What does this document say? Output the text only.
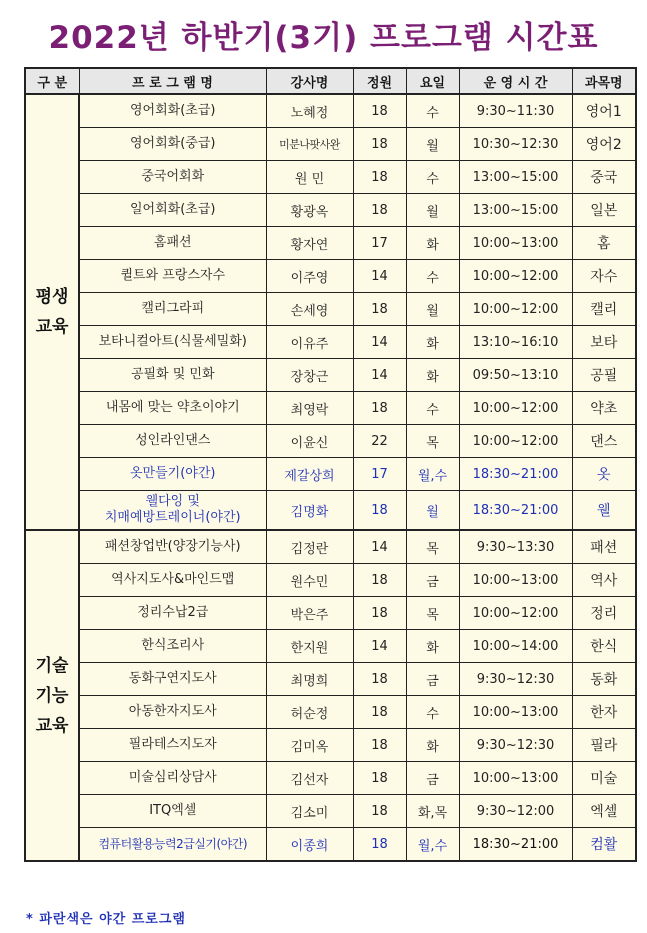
2022년 하반기(3기) 프로그램 시간표
구 분	프 로 그 램 명	강사명	정원	요일	운 영 시 간	과목명
평생
교육	영어회화(초급)	노혜정	18	수	9:30~11:30	영어1
	영어회화(중급)	미분나팟사완	18	월	10:30~12:30	영어2
	중국어회화	원 민	18	수	13:00~15:00	중국
	일어회화(초급)	황광옥	18	월	13:00~15:00	일본
	홈패션	황자연	17	화	10:00~13:00	홈
	퀼트와 프랑스자수	이주영	14	수	10:00~12:00	자수
	캘리그라피	손세영	18	월	10:00~12:00	캘리
	보타니컬아트(식물세밀화)	이유주	14	화	13:10~16:10	보타
	공필화 및 민화	장창근	14	화	09:50~13:10	공필
	내몸에 맞는 약초이야기	최영락	18	수	10:00~12:00	약초
	성인라인댄스	이윤신	22	목	10:00~12:00	댄스
	옷만들기(야간)	제갈상희	17	월,수	18:30~21:00	옷
	웰다잉 및
치매예방트레이너(야간)	김명화	18	월	18:30~21:00	웰
기술
기능
교육	패션창업반(양장기능사)	김정란	14	목	9:30~13:30	패션
	역사지도사&마인드맵	원수민	18	금	10:00~13:00	역사
	정리수납2급	박은주	18	목	10:00~12:00	정리
	한식조리사	한지원	14	화	10:00~14:00	한식
	동화구연지도사	최명희	18	금	9:30~12:30	동화
	아동한자지도사	허순정	18	수	10:00~13:00	한자
	필라테스지도자	김미옥	18	화	9:30~12:30	필라
	미술심리상담사	김선자	18	금	10:00~13:00	미술
	ITQ엑셀	김소미	18	화,목	9:30~12:00	엑셀
	컴퓨터활용능력2급실기(야간)	이종희	18	월,수	18:30~21:00	컴활
* 파란색은 야간 프로그램
